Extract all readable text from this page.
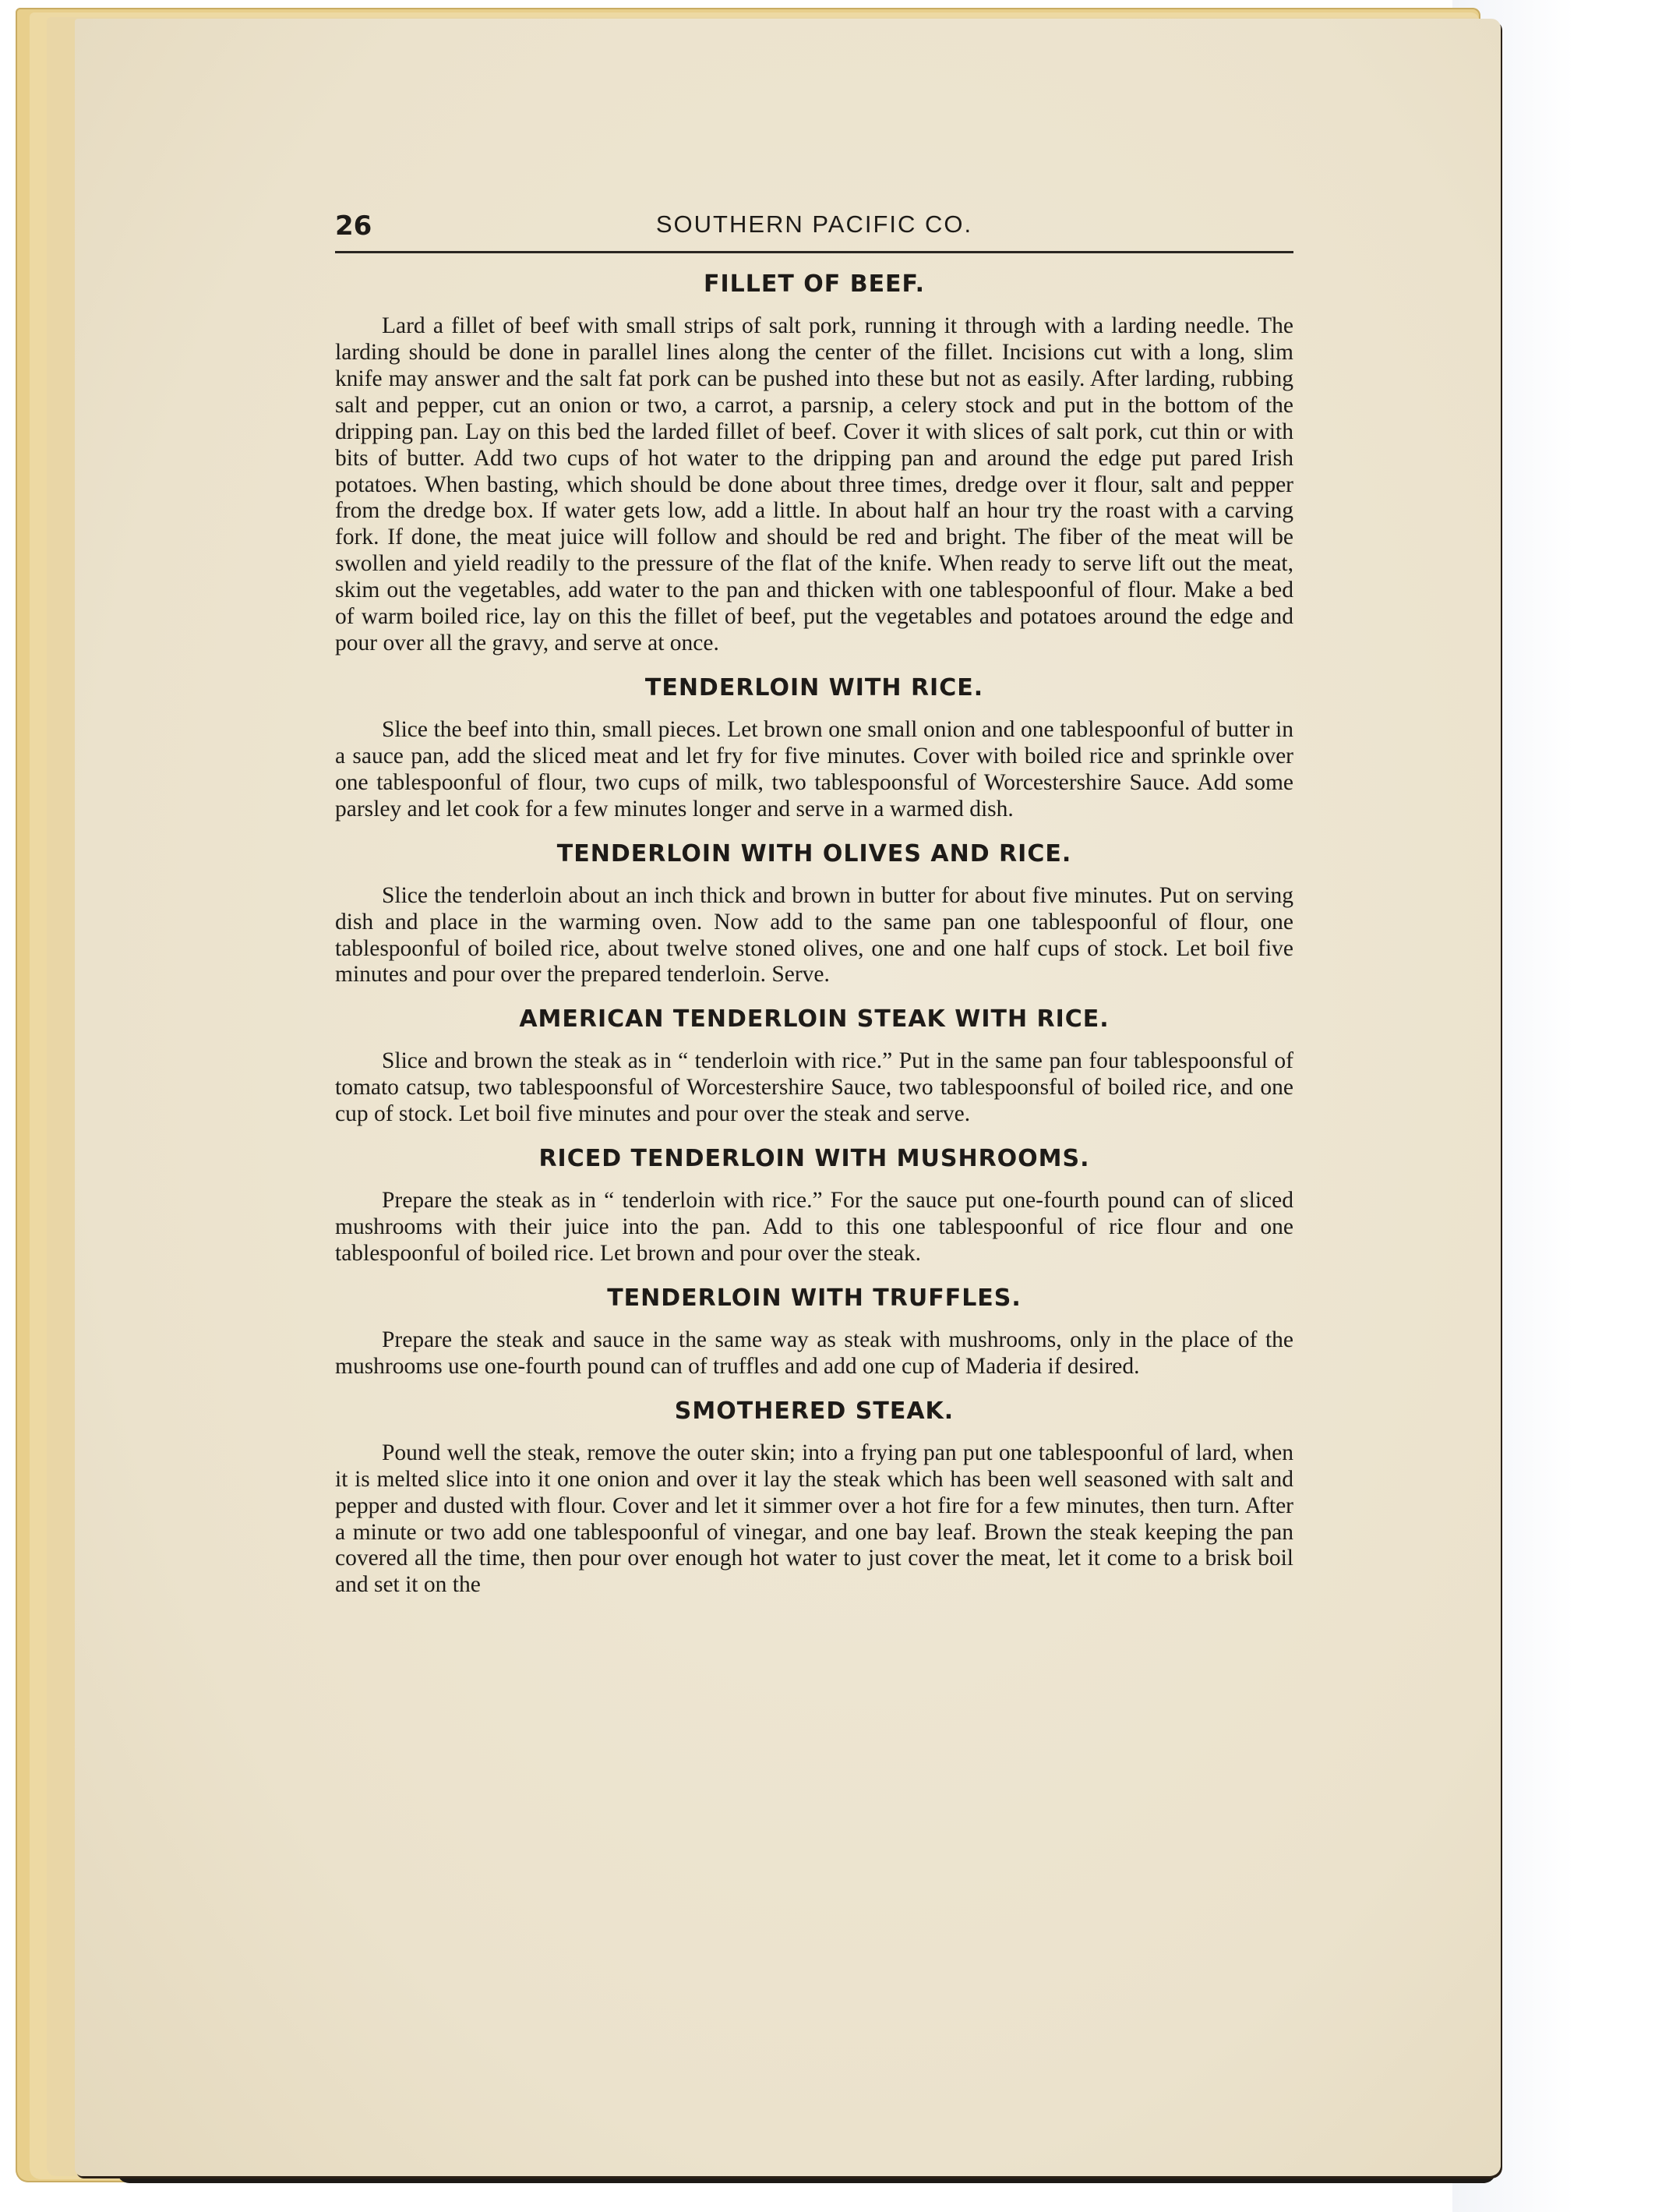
26	SOUTHERN PACIFIC CO.
FILLET OF BEEF.

Lard a fillet of beef with small strips of salt pork, running it through with a larding needle. The larding should be done in parallel lines along the center of the fillet. Incisions cut with a long, slim knife may answer and the salt fat pork can be pushed into these but not as easily. After larding, rubbing salt and pepper, cut an onion or two, a carrot, a parsnip, a celery stock and put in the bottom of the dripping pan. Lay on this bed the larded fillet of beef. Cover it with slices of salt pork, cut thin or with bits of butter. Add two cups of hot water to the dripping pan and around the edge put pared Irish potatoes. When basting, which should be done about three times, dredge over it flour, salt and pepper from the dredge box. If water gets low, add a little. In about half an hour try the roast with a carving fork. If done, the meat juice will follow and should be red and bright. The fiber of the meat will be swollen and yield readily to the pressure of the flat of the knife. When ready to serve lift out the meat, skim out the vegetables, add water to the pan and thicken with one tablespoonful of flour. Make a bed of warm boiled rice, lay on this the fillet of beef, put the vegetables and potatoes around the edge and pour over all the gravy, and serve at once.

TENDERLOIN WITH RICE.

Slice the beef into thin, small pieces. Let brown one small onion and one tablespoonful of butter in a sauce pan, add the sliced meat and let fry for five minutes. Cover with boiled rice and sprinkle over one tablespoonful of flour, two cups of milk, two tablespoonsful of Worcestershire Sauce. Add some parsley and let cook for a few minutes longer and serve in a warmed dish.

TENDERLOIN WITH OLIVES AND RICE.

Slice the tenderloin about an inch thick and brown in butter for about five minutes. Put on serving dish and place in the warming oven. Now add to the same pan one tablespoonful of flour, one tablespoonful of boiled rice, about twelve stoned olives, one and one half cups of stock. Let boil five minutes and pour over the prepared tenderloin. Serve.

AMERICAN TENDERLOIN STEAK WITH RICE.

Slice and brown the steak as in “ tenderloin with rice.” Put in the same pan four tablespoonsful of tomato catsup, two tablespoonsful of Worcestershire Sauce, two tablespoonsful of boiled rice, and one cup of stock. Let boil five minutes and pour over the steak and serve.

RICED TENDERLOIN WITH MUSHROOMS.

Prepare the steak as in “ tenderloin with rice.” For the sauce put one-fourth pound can of sliced mushrooms with their juice into the pan. Add to this one tablespoonful of rice flour and one tablespoonful of boiled rice. Let brown and pour over the steak.

TENDERLOIN WITH TRUFFLES.

Prepare the steak and sauce in the same way as steak with mushrooms, only in the place of the mushrooms use one-fourth pound can of truffles and add one cup of Maderia if desired.

SMOTHERED STEAK.

Pound well the steak, remove the outer skin; into a frying pan put one tablespoonful of lard, when it is melted slice into it one onion and over it lay the steak which has been well seasoned with salt and pepper and dusted with flour. Cover and let it simmer over a hot fire for a few minutes, then turn. After a minute or two add one tablespoonful of vinegar, and one bay leaf. Brown the steak keeping the pan covered all the time, then pour over enough hot water to just cover the meat, let it come to a brisk boil and set it on the
